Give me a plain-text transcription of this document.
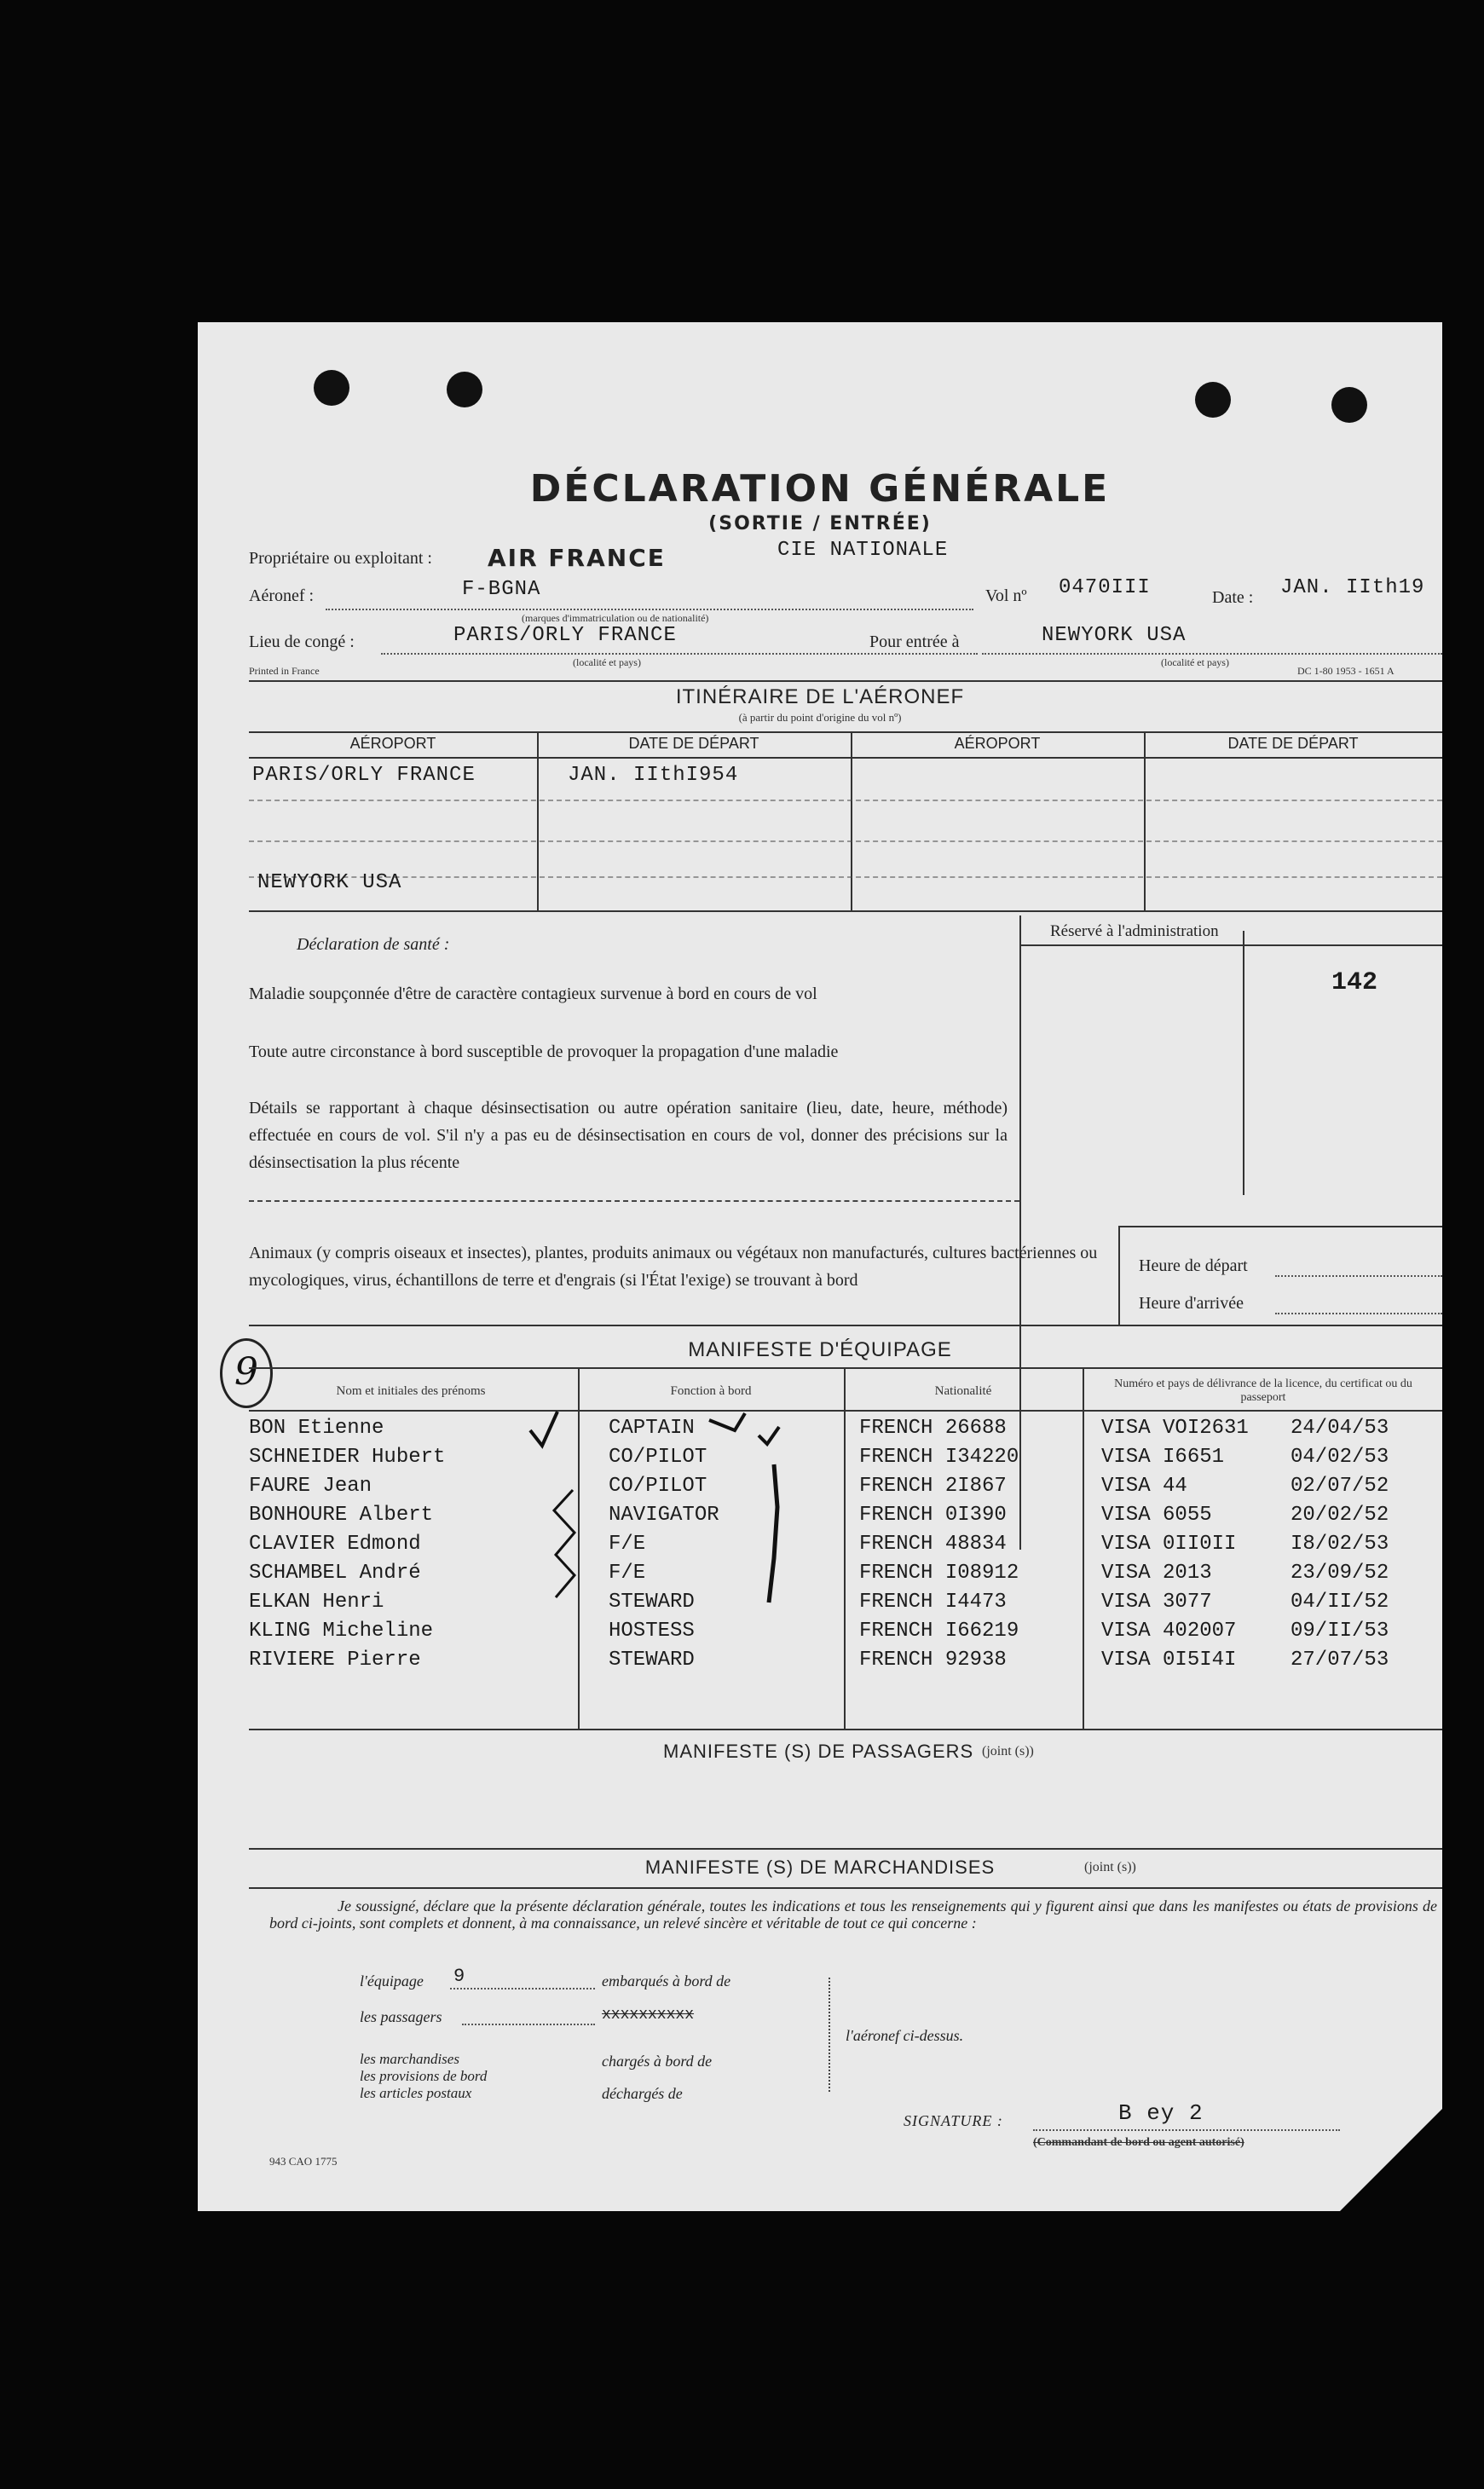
DÉCLARATION GÉNÉRALE
(SORTIE / ENTRÉE)
Propriétaire ou exploitant : AIR FRANCE	CIE NATIONALE
Aéronef :	F-BGNA
(marques d'immatriculation ou de nationalité)
Vol nº 0470III	Date : JAN. IIth19
Lieu de congé :	PARIS/ORLY FRANCE
(localité et pays)
Pour entrée à	NEWYORK USA
(localité et pays)
Printed in France	DC 1-80 1953 - 1651 A
ITINÉRAIRE DE L'AÉRONEF
(à partir du point d'origine du vol nº)
AÉROPORT	DATE DE DÉPART	AÉROPORT	DATE DE DÉPART
PARIS/ORLY FRANCE	JAN. IIthI954
NEWYORK USA
Réservé à l'administration
142
Déclaration de santé :
Maladie soupçonnée d'être de caractère contagieux survenue à bord en cours de vol
Toute autre circonstance à bord susceptible de provoquer la propagation d'une maladie
Détails se rapportant à chaque désinsectisation ou autre opération sanitaire (lieu, date, heure, méthode) effectuée en cours de vol. S'il n'y a pas eu de désinsectisation en cours de vol, donner des précisions sur la désinsectisation la plus récente
Animaux (y compris oiseaux et insectes), plantes, produits animaux ou végétaux non manufacturés, cultures bactériennes ou mycologiques, virus, échantillons de terre et d'engrais (si l'État l'exige) se trouvant à bord
Heure de départ
Heure d'arrivée
MANIFESTE D'ÉQUIPAGE
9	Nom et initiales des prénoms	Fonction à bord	Nationalité
Numéro et pays de délivrance de la licence, du certificat ou du passeport
BON Etienne	CAPTAIN	FRENCH 26688	VISA VOI2631 24/04/53
SCHNEIDER Hubert	CO/PILOT	FRENCH I34220	VISA I6651	04/02/53
FAURE Jean	CO/PILOT	FRENCH 2I867	VISA 44	02/07/52
BONHOURE Albert	NAVIGATOR	FRENCH 0I390	VISA 6055	20/02/52
CLAVIER Edmond	F/E	FRENCH 48834	VISA 0II0II	I8/02/53
SCHAMBEL André	F/E	FRENCH I08912	VISA 2013	23/09/52
ELKAN Henri	STEWARD	FRENCH I4473	VISA 3077	04/II/52
KLING Micheline	HOSTESS	FRENCH I66219	VISA 402007	09/II/53
RIVIERE Pierre	STEWARD	FRENCH 92938	VISA 0I5I4I	27/07/53
MANIFESTE (S) DE PASSAGERS (joint (s))
MANIFESTE (S) DE MARCHANDISES	(joint (s))
Je soussigné, déclare que la présente déclaration générale, toutes les indications et tous les renseignements qui y figurent ainsi que dans les manifestes ou états de provisions de bord ci-joints, sont complets et donnent, à ma connaissance, un relevé sincère et véritable de tout ce qui concerne :
l'équipage 9	embarqués à bord de
les passagers	xxxxxxxxxx
l'aéronef ci-dessus.
les marchandises
les provisions de bord
les articles postaux
chargés à bord de
déchargés de
SIGNATURE :	B ey 2
(Commandant de bord ou agent autorisé)
943 CAO 1775
